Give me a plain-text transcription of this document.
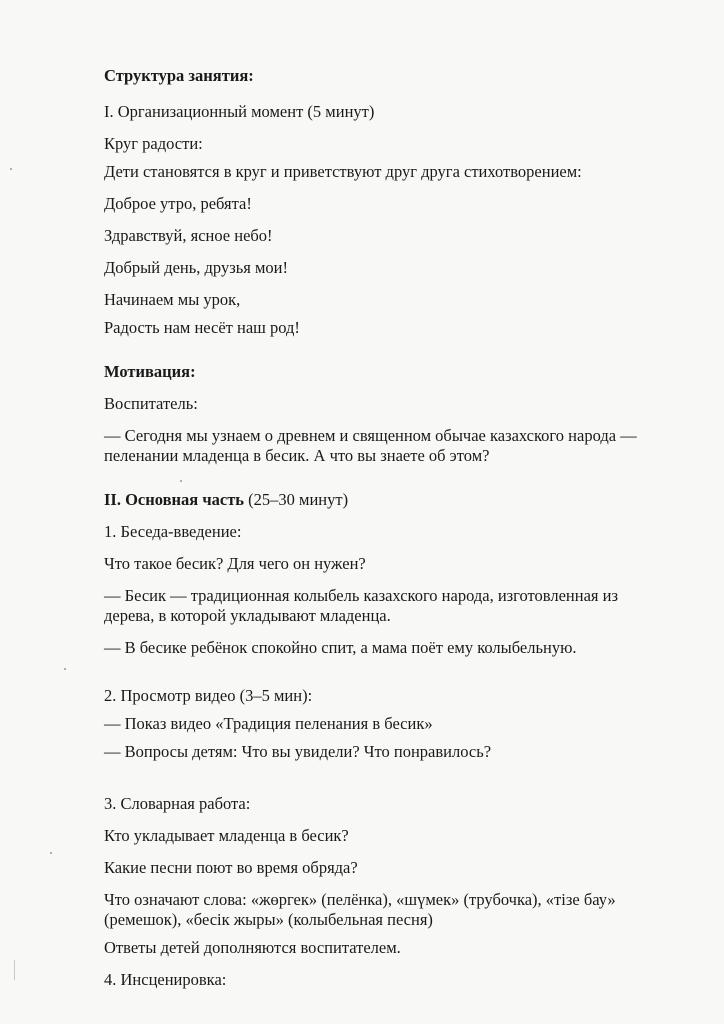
Структура занятия:
I. Организационный момент (5 минут)
Круг радости:
Дети становятся в круг и приветствуют друг друга стихотворением:
Доброе утро, ребята!
Здравствуй, ясное небо!
Добрый день, друзья мои!
Начинаем мы урок,
Радость нам несёт наш род!
Мотивация:
Воспитатель:
— Сегодня мы узнаем о древнем и священном обычае казахского народа —
пеленании младенца в бесик. А что вы знаете об этом?
II. Основная часть (25–30 минут)
1. Беседа-введение:
Что такое бесик? Для чего он нужен?
— Бесик — традиционная колыбель казахского народа, изготовленная из
дерева, в которой укладывают младенца.
— В бесике ребёнок спокойно спит, а мама поёт ему колыбельную.
2. Просмотр видео (3–5 мин):
— Показ видео «Традиция пеленания в бесик»
— Вопросы детям: Что вы увидели? Что понравилось?
3. Словарная работа:
Кто укладывает младенца в бесик?
Какие песни поют во время обряда?
Что означают слова: «жөргек» (пелёнка), «шүмек» (трубочка), «тізе бау»
(ремешок), «бесік жыры» (колыбельная песня)
Ответы детей дополняются воспитателем.
4. Инсценировка:
